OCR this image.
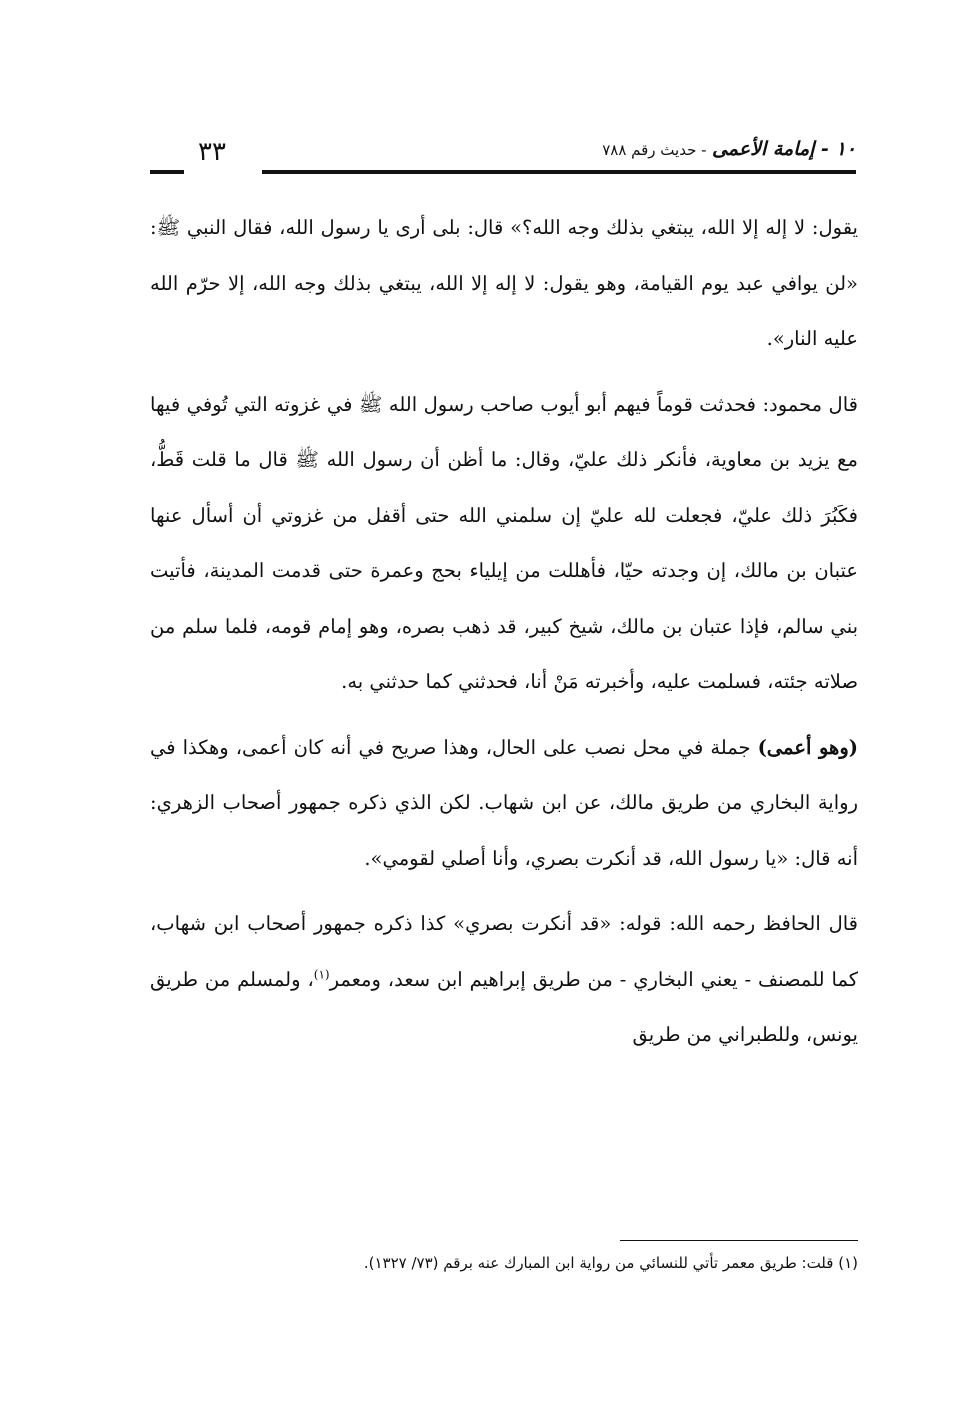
٣٣	١٠ - إمامة الأعمى - حديث رقم ٧٨٨

يقول: لا إله إلا الله، يبتغي بذلك وجه الله؟» قال: بلى أرى يا رسول الله، فقال النبي ﷺ: «لن يوافي عبد يوم القيامة، وهو يقول: لا إله إلا الله، يبتغي بذلك وجه الله، إلا حرّم الله عليه النار».

قال محمود: فحدثت قوماً فيهم أبو أيوب صاحب رسول الله ﷺ في غزوته التي تُوفي فيها مع يزيد بن معاوية، فأنكر ذلك عليّ، وقال: ما أظن أن رسول الله ﷺ قال ما قلت قَطُّ، فكَبُرَ ذلك عليّ، فجعلت لله عليّ إن سلمني الله حتى أقفل من غزوتي أن أسأل عنها عتبان بن مالك، إن وجدته حيّا، فأهللت من إيلياء بحج وعمرة حتى قدمت المدينة، فأتيت بني سالم، فإذا عتبان بن مالك، شيخ كبير، قد ذهب بصره، وهو إمام قومه، فلما سلم من صلاته جئته، فسلمت عليه، وأخبرته مَنْ أنا، فحدثني كما حدثني به.

(وهو أعمى) جملة في محل نصب على الحال، وهذا صريح في أنه كان أعمى، وهكذا في رواية البخاري من طريق مالك، عن ابن شهاب. لكن الذي ذكره جمهور أصحاب الزهري: أنه قال: «يا رسول الله، قد أنكرت بصري، وأنا أصلي لقومي».

قال الحافظ رحمه الله: قوله: «قد أنكرت بصري» كذا ذكره جمهور أصحاب ابن شهاب، كما للمصنف - يعني البخاري - من طريق إبراهيم ابن سعد، ومعمر$^{(١)}$، ولمسلم من طريق يونس، وللطبراني من طريق

(١) قلت: طريق معمر تأتي للنسائي من رواية ابن المبارك عنه برقم (٧٣/ ١٣٢٧).
